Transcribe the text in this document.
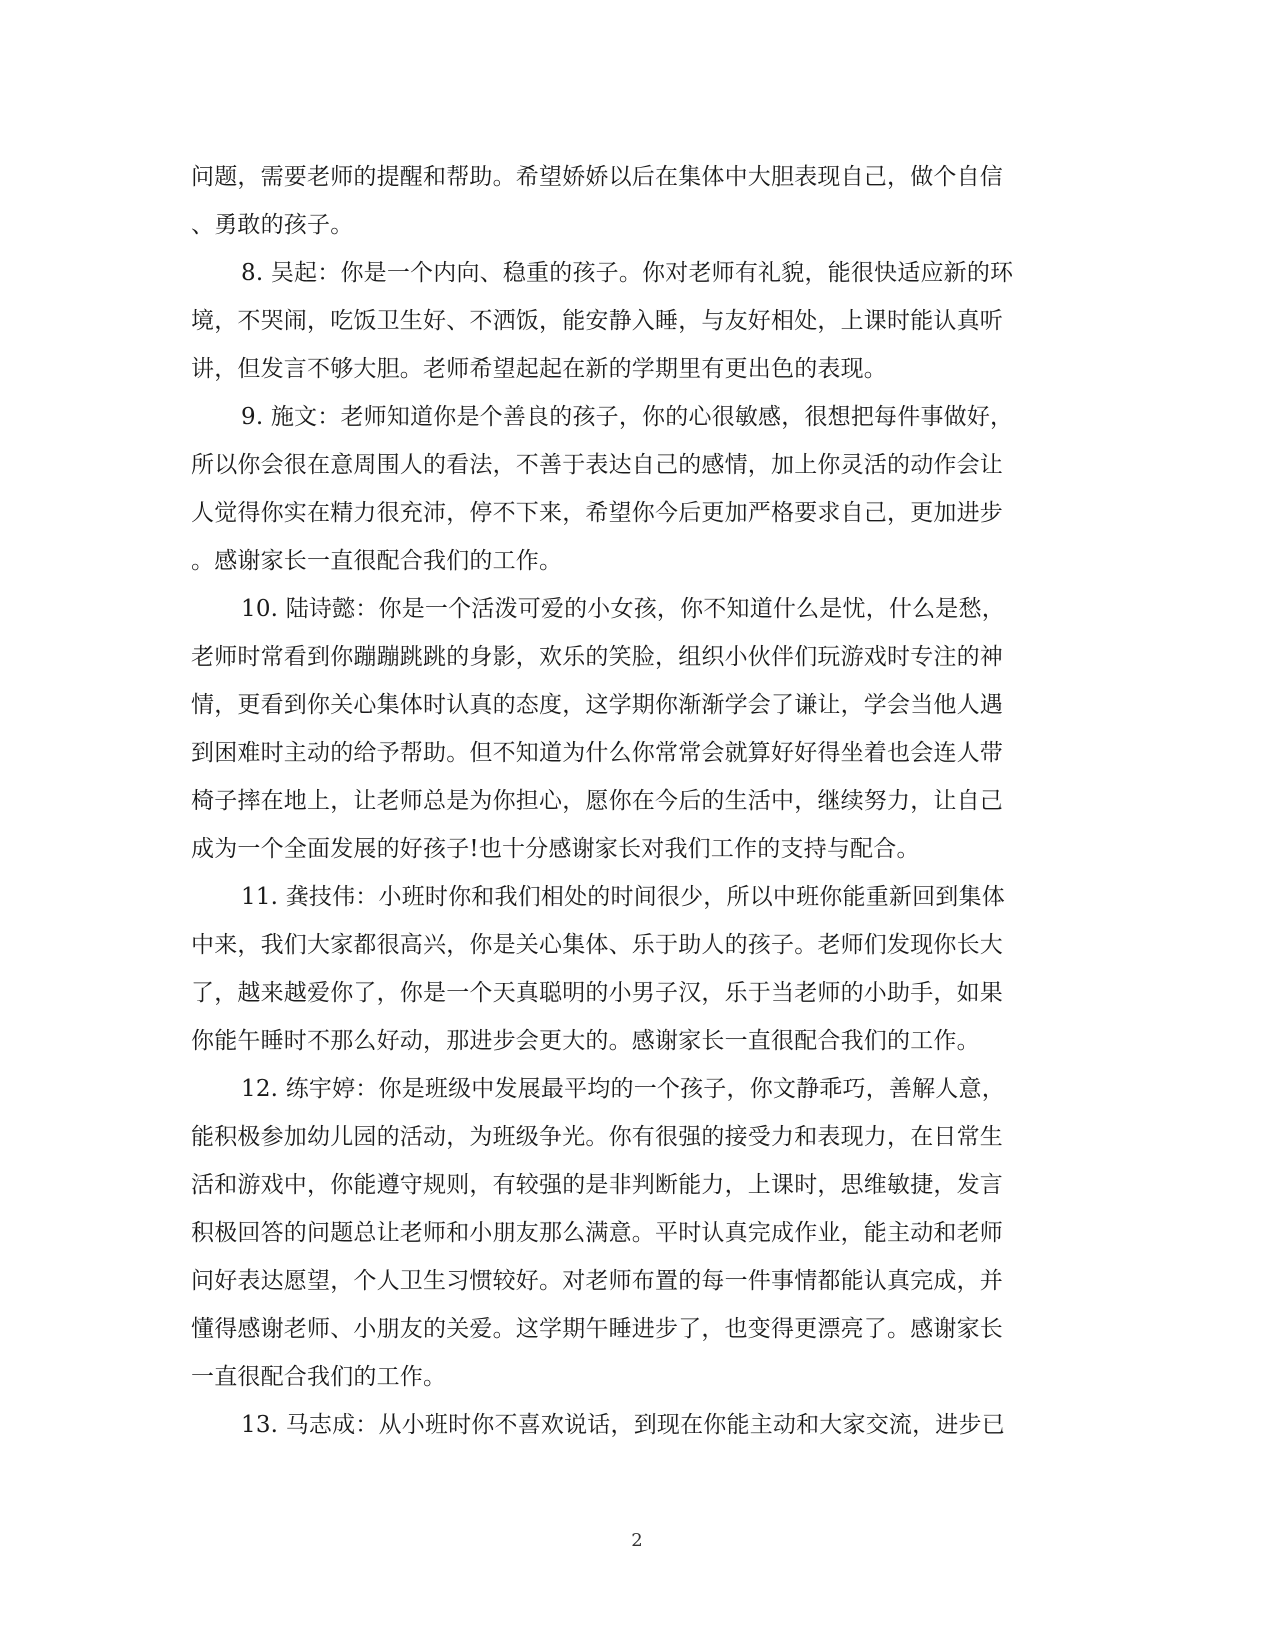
问题，需要老师的提醒和帮助。希望娇娇以后在集体中大胆表现自己，做个自信
、勇敢的孩子。
8. 吴起：你是一个内向、稳重的孩子。你对老师有礼貌，能很快适应新的环
境，不哭闹，吃饭卫生好、不洒饭，能安静入睡，与友好相处，上课时能认真听
讲，但发言不够大胆。老师希望起起在新的学期里有更出色的表现。
9. 施文：老师知道你是个善良的孩子，你的心很敏感，很想把每件事做好，
所以你会很在意周围人的看法，不善于表达自己的感情，加上你灵活的动作会让
人觉得你实在精力很充沛，停不下来，希望你今后更加严格要求自己，更加进步
。感谢家长一直很配合我们的工作。
10. 陆诗懿：你是一个活泼可爱的小女孩，你不知道什么是忧，什么是愁，
老师时常看到你蹦蹦跳跳的身影，欢乐的笑脸，组织小伙伴们玩游戏时专注的神
情，更看到你关心集体时认真的态度，这学期你渐渐学会了谦让，学会当他人遇
到困难时主动的给予帮助。但不知道为什么你常常会就算好好得坐着也会连人带
椅子摔在地上，让老师总是为你担心，愿你在今后的生活中，继续努力，让自己
成为一个全面发展的好孩子!也十分感谢家长对我们工作的支持与配合。
11. 龚技伟：小班时你和我们相处的时间很少，所以中班你能重新回到集体
中来，我们大家都很高兴，你是关心集体、乐于助人的孩子。老师们发现你长大
了，越来越爱你了，你是一个天真聪明的小男子汉，乐于当老师的小助手，如果
你能午睡时不那么好动，那进步会更大的。感谢家长一直很配合我们的工作。
12. 练宇婷：你是班级中发展最平均的一个孩子，你文静乖巧，善解人意，
能积极参加幼儿园的活动，为班级争光。你有很强的接受力和表现力，在日常生
活和游戏中，你能遵守规则，有较强的是非判断能力，上课时，思维敏捷，发言
积极回答的问题总让老师和小朋友那么满意。平时认真完成作业，能主动和老师
问好表达愿望，个人卫生习惯较好。对老师布置的每一件事情都能认真完成，并
懂得感谢老师、小朋友的关爱。这学期午睡进步了，也变得更漂亮了。感谢家长
一直很配合我们的工作。
13. 马志成：从小班时你不喜欢说话，到现在你能主动和大家交流，进步已
2
